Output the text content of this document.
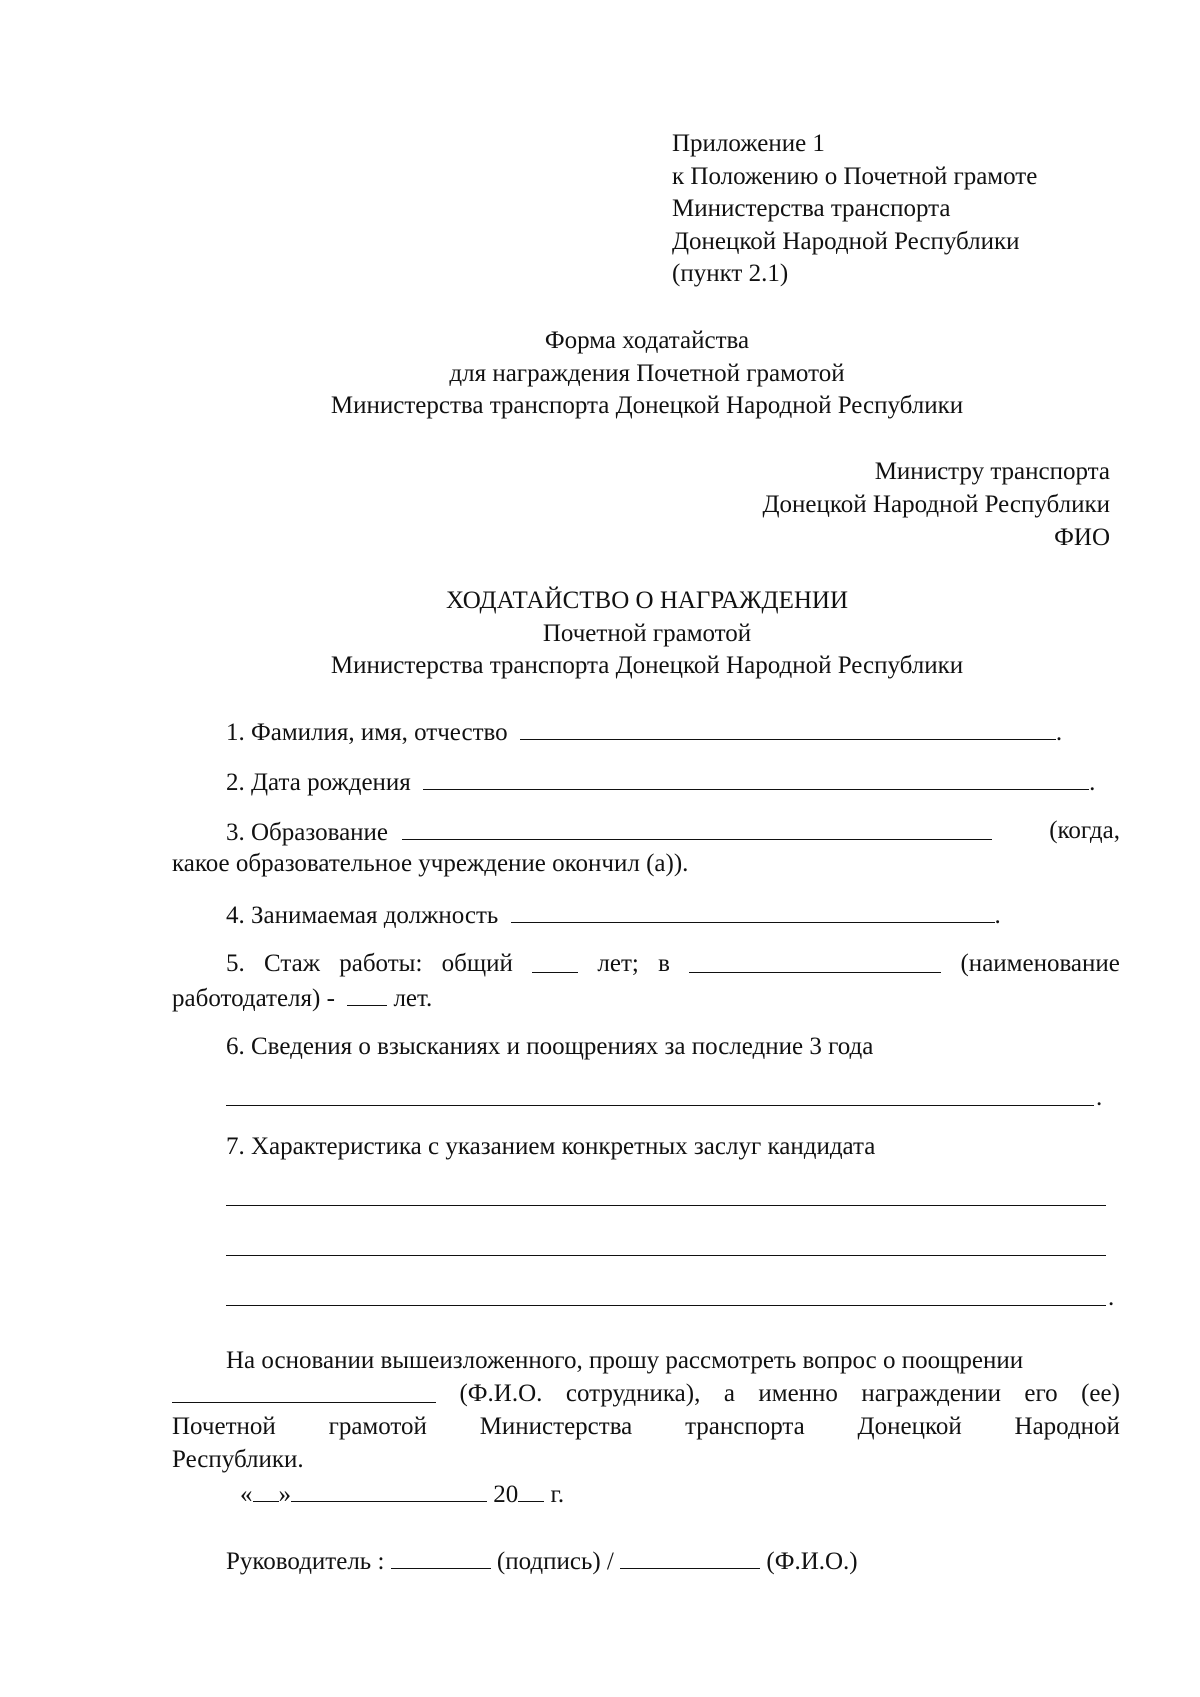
Приложение 1
к Положению о Почетной грамоте
Министерства транспорта
Донецкой Народной Республики
(пункт 2.1)
Форма ходатайства
для награждения Почетной грамотой
Министерства транспорта Донецкой Народной Республики
Министру транспорта
Донецкой Народной Республики
ФИО
ХОДАТАЙСТВО О НАГРАЖДЕНИИ
Почетной грамотой
Министерства транспорта Донецкой Народной Республики
1. Фамилия, имя, отчество	.
2. Дата рождения	.
3. Образование	(когда,
какое образовательное учреждение окончил (а)).
4. Занимаемая должность	.
5. Стаж работы: общий	лет; в	(наименование
работодателя) - лет.
6. Сведения о взысканиях и поощрениях за последние 3 года
.
7. Характеристика с указанием конкретных заслуг кандидата
.
На основании вышеизложенного, прошу рассмотреть вопрос о поощрении
(Ф.И.О. сотрудника), а именно награждении его (ее)
Почетной грамотой Министерства транспорта Донецкой Народной
Республики.
« »	20 г.
Руководитель :	(подпись) /	(Ф.И.О.)
